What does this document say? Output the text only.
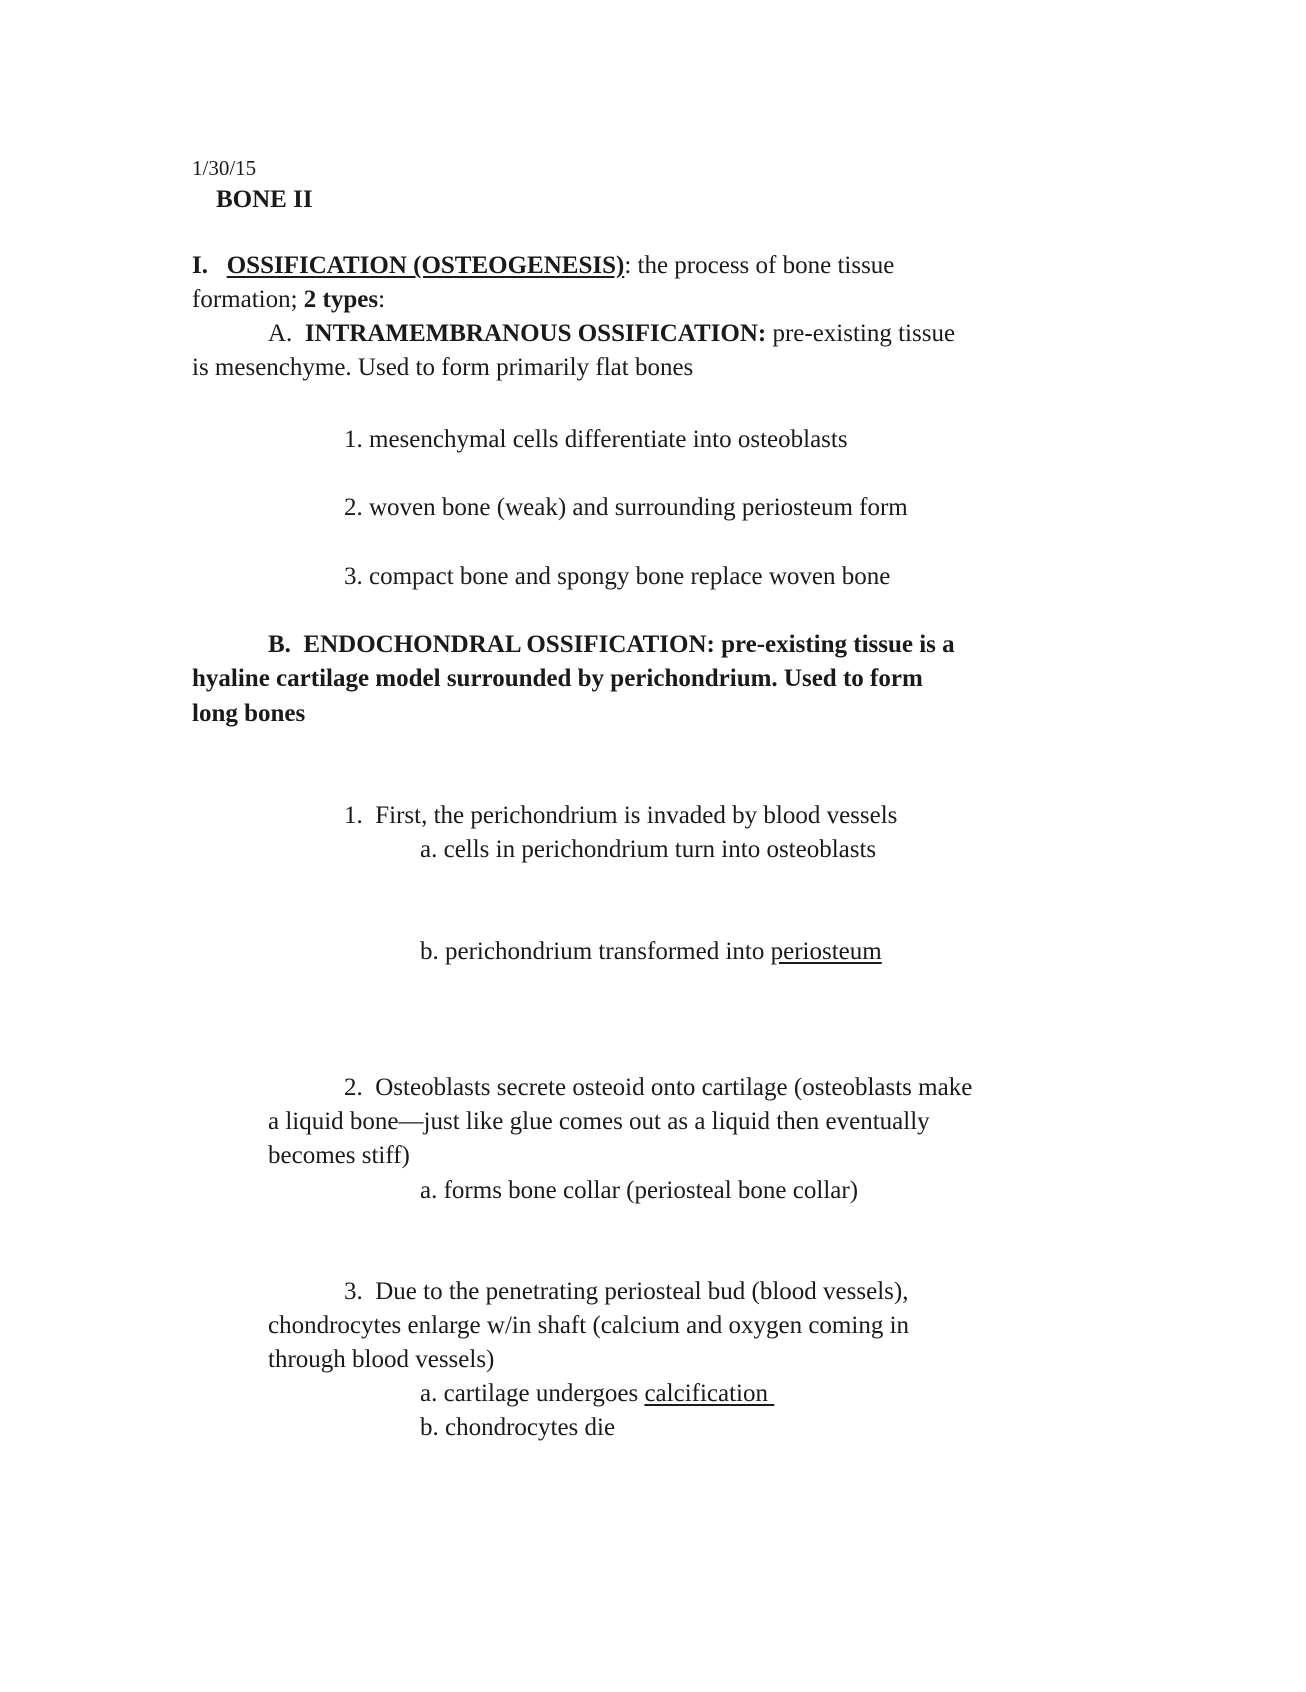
1/30/15

BONE II

I. OSSIFICATION (OSTEOGENESIS): the process of bone tissue

formation; 2 types:

A. INTRAMEMBRANOUS OSSIFICATION: pre-existing tissue

is mesenchyme. Used to form primarily flat bones

1. mesenchymal cells differentiate into osteoblasts

2. woven bone (weak) and surrounding periosteum form

3. compact bone and spongy bone replace woven bone

B.  ENDOCHONDRAL OSSIFICATION: pre-existing tissue is a

hyaline cartilage model surrounded by perichondrium. Used to form

long bones

1.  First, the perichondrium is invaded by blood vessels

a. cells in perichondrium turn into osteoblasts

b. perichondrium transformed into periosteum

2.  Osteoblasts secrete osteoid onto cartilage (osteoblasts make

a liquid bone—just like glue comes out as a liquid then eventually

becomes stiff)

a. forms bone collar (periosteal bone collar)

3.  Due to the penetrating periosteal bud (blood vessels),

chondrocytes enlarge w/in shaft (calcium and oxygen coming in

through blood vessels)

a. cartilage undergoes calcification

b. chondrocytes die
